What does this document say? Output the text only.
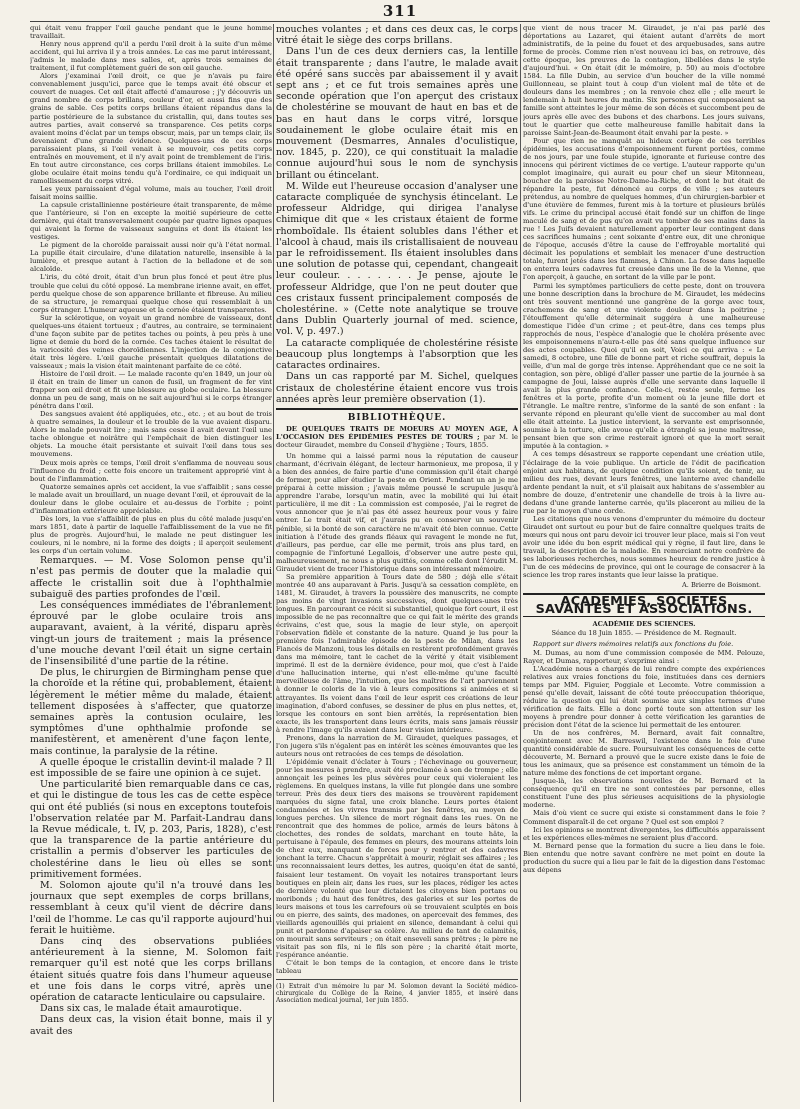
311

qui était venu frapper l'œil gauche pendant que le jeune homme travaillait.

Henry nous apprend qu'il a perdu l'œil droit à la suite d'un même accident, qui lui arriva il y a trois années. Le cas me parut intéressant, j'admis le malade dans mes salles, et, après trois semaines de traitement, il fut complètement guéri de son œil gauche.

Alors j'examinai l'œil droit, ce que je n'avais pu faire convenablement jusqu'ici, parce que le temps avait été obscur et couvert de nuages. Cet œil était affecté d'amaurose ; j'y découvris un grand nombre de corps brillans, couleur d'or, et aussi fins que des grains de sable. Ces petits corps brillans étaient répandus dans la partie postérieure de la substance du cristallin, qui, dans toutes ses autres parties, avait conservé sa transparence. Ces petits corps avaient moins d'éclat par un temps obscur, mais, par un temps clair, ils devenaient d'une grande évidence. Quelques-uns de ces corps paraissaient plans, si l'œil venait à se mouvoir, ces petits corps entraînés en mouvement, et il n'y avait point de tremblement de l'iris. En tout autre circonstance, ces corps brillans étaient immobiles. Le globe oculaire était moins tendu qu'à l'ordinaire, ce qui indiquait un ramollissement du corps vitré.

Les yeux paraissaient d'égal volume, mais au toucher, l'œil droit faisait moins saillie.

La capsule cristallinienne postérieure était transparente, de même que l'antérieure, si l'on en excepte la moitié supérieure de cette dernière, qui était transversalement coupée par quatre lignes opaques qui avaient la forme de vaisseaux sanguins et dont ils étaient les vestiges.

Le pigment de la choroïde paraissait aussi noir qu'à l'état normal. La pupille était circulaire, d'une dilatation naturelle, insensible à la lumière, et presque autant à l'action de la belladone et de son alcaloïde.

L'iris, du côté droit, était d'un brun plus foncé et peut être plus trouble que celui du côté opposé. La membrane irienne avait, en effet, perdu quelque chose de son apparence brillante et fibreuse. Au milieu de sa structure, je remarquai quelque chose qui ressemblait à un corps étranger. L'humeur aqueuse et la cornée étaient transparentes.

Sur la sclérotique, on voyait un grand nombre de vaisseaux, dont quelques-uns étaient tortueux ; d'autres, au contraire, se terminaient d'une façon subite par de petites taches ou points, à peu près à une ligne et demie du bord de la cornée. Ces taches étaient le résultat de la varicosité des veines choroïdiennes. L'injection de la conjonctive était très légère. L'œil gauche présentait quelques dilatations de vaisseaux ; mais la vision était maintenant parfaite de ce côté.

Histoire de l'œil droit. — Le malade raconte qu'en 1849, un jour où il était en train de limer un canon de fusil, un fragment de fer vint frapper son œil droit et fit une blessure au globe oculaire. La blessure donna un peu de sang, mais on ne sait aujourd'hui si le corps étranger pénétra dans l'œil.

Des sangsues avaient été appliquées, etc., etc. ; et au bout de trois à quatre semaines, la douleur et le trouble de la vue avaient disparu. Alors le malade pouvait lire ; mais sans cesse il avait devant l'œil une tache oblongue et noirâtre qui l'empêchait de bien distinguer les objets. La mouche était persistante et suivait l'œil dans tous ses mouvemens.

Deux mois après ce temps, l'œil droit s'enflamma de nouveau sous l'influence du froid ; cette fois encore un traitement approprié vint à bout de l'inflammation.

Quatorze semaines après cet accident, la vue s'affaiblit ; sans cesse le malade avait un brouillard, un nuage devant l'œil, et éprouvait de la douleur dans le globe oculaire et au-dessus de l'orbite ; point d'inflammation extérieure appréciable.

Dès lors, la vue s'affaiblit de plus en plus du côté malade jusqu'en mars 1851, date à partir de laquelle l'affaiblissement de la vue ne fit plus de progrès. Aujourd'hui, le malade ne peut distinguer les couleurs, ni le nombre, ni la forme des doigts ; il aperçoit seulement les corps d'un certain volume.

Remarques. — M. Vose Solomon pense qu'il n'est pas permis de douter que la maladie qui affecte le cristallin soit due à l'ophthalmie subaiguë des parties profondes de l'œil.

Les conséquences immédiates de l'ébranlement éprouvé par le globe oculaire trois ans auparavant, avaient, à la vérité, disparu après vingt-un jours de traitement ; mais la présence d'une mouche devant l'œil était un signe certain de l'insensibilité d'une partie de la rétine.

De plus, le chirurgien de Birmingham pense que la choroïde et la rétine qui, probablement, étaient légèrement le métier même du malade, étaient tellement disposées à s'affecter, que quatorze semaines après la contusion oculaire, les symptômes d'une ophthalmie profonde se manifestèrent, et amenèrent d'une façon lente, mais continue, la paralysie de la rétine.

A quelle époque le cristallin devint-il malade ? Il est impossible de se faire une opinion à ce sujet.

Une particularité bien remarquable dans ce cas, et qui le distingue de tous les cas de cette espèce qui ont été publiés (si nous en exceptons toutefois l'observation relatée par M. Parfait-Landrau dans la Revue médicale, t. IV, p. 203, Paris, 1828), c'est que la transparence de la partie antérieure du cristallin a permis d'observer les particules de cholestérine dans le lieu où elles se sont primitivement formées.

M. Solomon ajoute qu'il n'a trouvé dans les journaux que sept exemples de corps brillans, ressemblant à ceux qu'il vient de décrire dans l'œil de l'homme. Le cas qu'il rapporte aujourd'hui ferait le huitième.

Dans cinq des observations publiées antérieurement à la sienne, M. Solomon fait remarquer qu'il est noté que les corps brillans étaient situés quatre fois dans l'humeur aqueuse et une fois dans le corps vitré, après une opération de cataracte lenticulaire ou capsulaire.

Dans six cas, le malade était amaurotique.

Dans deux cas, la vision était bonne, mais il y avait des

mouches volantes ; et dans ces deux cas, le corps vitré était le siège des corps brillans.

Dans l'un de ces deux derniers cas, la lentille était transparente ; dans l'autre, le malade avait été opéré sans succès par abaissement il y avait sept ans ; et ce fut trois semaines après une seconde opération que l'on aperçut des cristaux de cholestérine se mouvant de haut en bas et de bas en haut dans le corps vitré, lorsque soudainement le globe oculaire était mis en mouvement (Desmarres, Annales d'oculistique, nov. 1845, p. 220), ce qui constituait la maladie connue aujourd'hui sous le nom de synchysis brillant ou étincelant.

M. Wilde eut l'heureuse occasion d'analyser une cataracte compliquée de synchysis étincelant. Le professeur Aldridge, qui dirigea l'analyse chimique dit que « les cristaux étaient de forme rhomboïdale. Ils étaient solubles dans l'éther et l'alcool à chaud, mais ils cristallisaient de nouveau par le refroidissement. Ils étaient insolubles dans une solution de potasse qui, cependant, changeait leur couleur. . . . . . . . Je pense, ajoute le professeur Aldridge, que l'on ne peut douter que ces cristaux fussent principalement composés de cholestérine. » (Cette note analytique se trouve dans Dublin Quarterly journal of med. science, vol. V, p. 497.)

La cataracte compliquée de cholestérine résiste beaucoup plus longtemps à l'absorption que les cataractes ordinaires.

Dans un cas rapporté par M. Sichel, quelques cristaux de cholestérine étaient encore vus trois années après leur première observation (1).

BIBLIOTHÈQUE.
DE QUELQUES TRAITS DE MOEURS AU MOYEN AGE, À L'OCCASION DES ÉPIDÉMIES PESTES DE TOURS ; par M. le docteur Giraudet, membre du Conseil d'hygiène ; Tours, 1855.

Un homme qui a laissé parmi nous la réputation de causeur charmant, d'écrivain élégant, de lecteur harmonieux, me proposa, il y a bien des années, de faire partie d'une commission qu'il était chargé de former, pour aller étudier la peste en Orient. Pendant un an je me préparai à cette mission ; j'avais même poussé le scrupule jusqu'à apprendre l'arabe, lorsqu'un matin, avec la mobilité qui lui était particulière, il me dit : La commission est composée, j'ai le regret de vous annoncer que je n'ai pas été assez heureux pour vous y faire entrer. Le trait était vif, et j'aurais pu en conserver un souvenir pénible, si la bonté de son caractère ne m'avait été bien connue. Cette initiation à l'étude des grands fléaux qui ravagent le monde ne fut, d'ailleurs, pas perdue, car elle me permit, trois ans plus tard, en compagnie de l'infortuné Legallois, d'observer une autre peste qui, malheureusement, ne nous a plus quittés, comme celle dont l'érudit M. Giraudet vient de tracer l'historique dans son intéressant mémoire.

Sa première apparition à Tours date de 580 ; déjà elle s'était montrée 40 ans auparavant à Paris. Jusqu'à sa cessation complète, en 1481, M. Giraudet, à travers la poussière des manuscrits, ne compte pas moins de vingt invasions successives, dont quelques-unes très longues. En parcourant ce récit si substantiel, quoique fort court, il est impossible de ne pas reconnaître que ce qui fait le mérite des grands écrivains, c'est que, sous la magie de leur style, on aperçoit l'observation fidèle et constante de la nature. Quand je lus pour la première fois l'admirable épisode de la peste de Milan, dans les Fiancés de Manzoni, tous les détails en restèrent profondément gravés dans ma mémoire, tant le cachet de la vérité y était visiblement imprimé. Il est de la dernière évidence, pour moi, que c'est à l'aide d'une hallucination interne, qui n'est elle-même qu'une faculté merveilleuse de l'âme, l'intuition, que les maîtres de l'art parviennent à donner le coloris de la vie à leurs compositions si animées et si attrayantes. Ils voient dans l'œil de leur esprit ces créations de leur imagination, d'abord confuses, se dessiner de plus en plus nettes, et, lorsque les contours en sont bien arrêtés, la représentation bien exacte, ils les transportent dans leurs écrits, mais sans jamais réussir à rendre l'image qu'ils avaient dans leur vision intérieure.

Prenons, dans la narration de M. Giraudet, quelques passages, et l'on jugera s'ils n'égalent pas en intérêt les scènes émouvantes que les auteurs nous ont retracées de ces temps de désolation.

L'épidémie venait d'éclater à Tours ; l'échevinage ou gouverneur, pour les mesures à prendre, avait été proclamée à son de trompe ; elle annonçait les peines les plus sévères pour ceux qui violeraient les règlemens. En quelques instans, la ville fut plongée dans une sombre terreur. Près des deux tiers des maisons se trouvèrent rapidement marquées du signe fatal, une croix blanche. Leurs portes étaient condamnées et les vivres transmis par les fenêtres, au moyen de longues perches. Un silence de mort régnait dans les rues. On ne rencontrait que des hommes de police, armés de leurs bâtons à clochettes, des rondes de soldats, marchant en toute hâte, la pertuisane à l'épaule, des femmes en pleurs, des mourans atteints loin de chez eux, manquant de forces pour y rentrer et des cadavres jonchant la terre. Chacun s'apprêtait à mourir, réglait ses affaires ; les uns reconnaissaient leurs dettes, les autres, quoiqu'en état de santé, faisaient leur testament. On voyait les notaires transportant leurs boutiques en plein air, dans les rues, sur les places, rédiger les actes de dernière volonté que leur dictaient les citoyens bien portans ou moribonds ; du haut des fenêtres, des galeries et sur les portes de leurs maisons et tous les carrefours où se trouvaient sculptés en bois ou en pierre, des saints, des madones, on apercevait des femmes, des vieillards agenouillés qui priaient en silence, demandant à celui qui punit et pardonne d'apaiser sa colère. Au milieu de tant de calamités, on mourait sans serviteurs ; on était enseveli sans prêtres ; le père ne visitait pas son fils, ni le fils son père ; la charité était morte, l'espérance anéantie.

C'était le bon temps de la contagion, et encore dans le triste tableau

(1) Extrait d'un mémoire lu par M. Solomon devant la Société médico-chirurgicale du Collège de la Reine, 4 janvier 1855, et inséré dans Association medical journal, 1er juin 1855.

que vient de nous tracer M. Giraudet, je n'ai pas parlé des déportations au Lazaret, qui étaient autant d'arrêts de mort administratifs, de la peine du fouet et des arquebusades, sans autre forme de procès. Comme rien n'est nouveau ici bas, on retrouve, dès cette époque, les preuves de la contagion, libellées dans le style d'aujourd'hui. « On était (dit le mémoire, p. 50) au mois d'octobre 1584. La fille Dubin, au service d'un boucher de la ville nommé Guillonneau, se plaint tout à coup d'un violent mal de tête et de douleurs dans les membres ; on la renvoie chez elle ; elle meurt le lendemain à huit heures du matin. Six personnes qui composaient sa famille sont atteintes le jour même de son décès et succombent peu de jours après elle avec des bubons et des charbons. Les jours suivans, tout le quartier que cette malheureuse famille habitait dans la paroisse Saint-Jean-de-Beaumont était envahi par la peste. »

Pour que rien ne manquât au hideux cortège de ces terribles épidémies, les accusations d'empoisonnement furent portées, comme de nos jours, par une foule stupide, ignorante et furieuse contre des innocens qui périrent victimes de ce vertige. L'auteur rapporte qu'un complot imaginaire, qui aurait eu pour chef un sieur Mitonneau, boucher de la paroisse Notre-Dame-la-Riche, et dont le but était de répandre la peste, fut dénoncé au corps de ville ; ses auteurs prétendus, au nombre de quelques hommes, d'un chirurgien-barbier et d'une étuvière de femmes, furent mis à la torture et plusieurs brûlés vifs. Le crime du principal accusé était fondé sur un chiffon de linge maculé de sang et de pus qu'on avait vu tomber de ses mains dans la rue ! Les Juifs devaient naturellement apporter leur contingent dans ces sacrifices humains ; cent soixante d'entre eux, dit une chronique de l'époque, accusés d'être la cause de l'effroyable mortalité qui décimait les populations et semblait les menacer d'une destruction totale, furent jetés dans les flammes, à Chinon. La fosse dans laquelle on enterra leurs cadavres fut creusée dans une île de la Vienne, que l'on aperçoit, à gauche, en sortant de la ville par le pont.

Parmi les symptômes particuliers de cette peste, dont on trouvera une bonne description dans la brochure de M. Giraudet, les médecins ont très souvent mentionné une gangrène de la gorge avec toux, crachemens de sang et une violente douleur dans la poitrine ; l'étouffement qu'elle déterminait suggéra à une malheureuse domestique l'idée d'un crime ; et peut-être, dans ces temps plus rapprochés de nous, l'espèce d'analogie que le choléra présente avec les empoisonnemens n'aura-t-elle pas été sans quelque influence sur des actes coupables. Quoi qu'il en soit, Voici ce qui arriva : « Le samedi, 8 octobre, une fille de bonne part et riche souffrait, depuis la veille, d'un mal de gorge très intense. Appréhendant que ce ne soit la contagion, son père, obligé d'aller passer une partie de la journée à sa campagne de Joui, laisse auprès d'elle une servante dans laquelle il avait la plus grande confiance. Celle-ci, restée seule, ferme les fenêtres et la porte, profite d'un moment où la jeune fille dort et l'étrangle. Le maître rentre, s'informe de la santé de son enfant : la servante répond en pleurant qu'elle vient de succomber au mal dont elle était atteinte. La justice intervient, la servante est emprisonnée, soumise à la torture, elle avoue qu'elle a étranglé sa jeune maîtresse, pensant bien que son crime resterait ignoré et que la mort serait imputée à la contagion. »

A ces temps désastreux se rapporte cependant une création utile, l'éclairage de la voie publique. Un article de l'édit de pacification enjoint aux habitans, de quelque condition qu'ils soient, de tenir, au milieu des rues, devant leurs fenêtres, une lanterne avec chandelle ardente pendant la nuit, et s'il plaisait aux habitans de s'assembler au nombre de douze, d'entretenir une chandelle de trois à la livre au-dedans d'une grande lanterne carrée, qu'ils placeront au milieu de la rue par le moyen d'une corde.

Les citations que nous venons d'emprunter du mémoire du docteur Giraudet ont surtout eu pour but de faire connaître quelques traits de mœurs qui nous ont paru devoir ici trouver leur place, mais si l'on veut avoir une idée du bon esprit médical qui y règne, il faut lire, dans le travail, la description de la maladie. En remerciant notre confrère de ses laborieuses recherches, nous sommes heureux de rendre justice à l'un de ces médecins de province, qui ont le courage de consacrer à la science les trop rares instants que leur laisse la pratique.

A. Brierre de Boismont.
ACADÉMIES, SOCIÉTÉS SAVANTES ET ASSOCIATIONS.
ACADÉMIE DES SCIENCES.
Séance du 18 Juin 1855. — Présidence de M. Regnault.

Rapport sur divers mémoires relatifs aux fonctions du foie.

M. Dumas, au nom d'une commission composée de MM. Pelouze, Rayer, et Dumas, rapporteur, s'exprime ainsi :

L'Académie nous a chargés de lui rendre compte des expériences relatives aux vraies fonctions du foie, instituées dans ces derniers temps par MM. Figuier, Poggiale et Lecomte. Votre commission a pensé qu'elle devait, laissant de côté toute préoccupation théorique, réduire la question qui lui était soumise aux simples termes d'une vérification de faits. Elle a donc porté toute son attention sur les moyens à prendre pour donner à cette vérification les garanties de précision dont l'état de la science lui permettait de les entourer.

Un de nos confrères, M. Bernard, avait fait connaître, conjointement avec M. Barreswil, l'existence dans le foie d'une quantité considérable de sucre. Poursuivant les conséquences de cette découverte, M. Bernard a prouvé que le sucre existe dans le foie de tous les animaux, que sa présence est constamment un témoin de la nature même des fonctions de cet important organe.

Jusque-là, les observations nouvelles de M. Bernard et la conséquence qu'il en tire ne sont contestées par personne, elles constituent l'une des plus sérieuses acquisitions de la physiologie moderne.

Mais d'où vient ce sucre qui existe si constamment dans le foie ? Comment disparaît-il de cet organe ? Quel est son emploi ?

Ici les opinions se montrent divergentes, les difficultés apparaissent et les expériences elles-mêmes ne seraient plus d'accord.

M. Bernard pense que la formation du sucre a lieu dans le foie. Bien entendu que notre savant confrère ne met point en doute la production du sucre qui a lieu par le fait de la digestion dans l'estomac aux dépens
